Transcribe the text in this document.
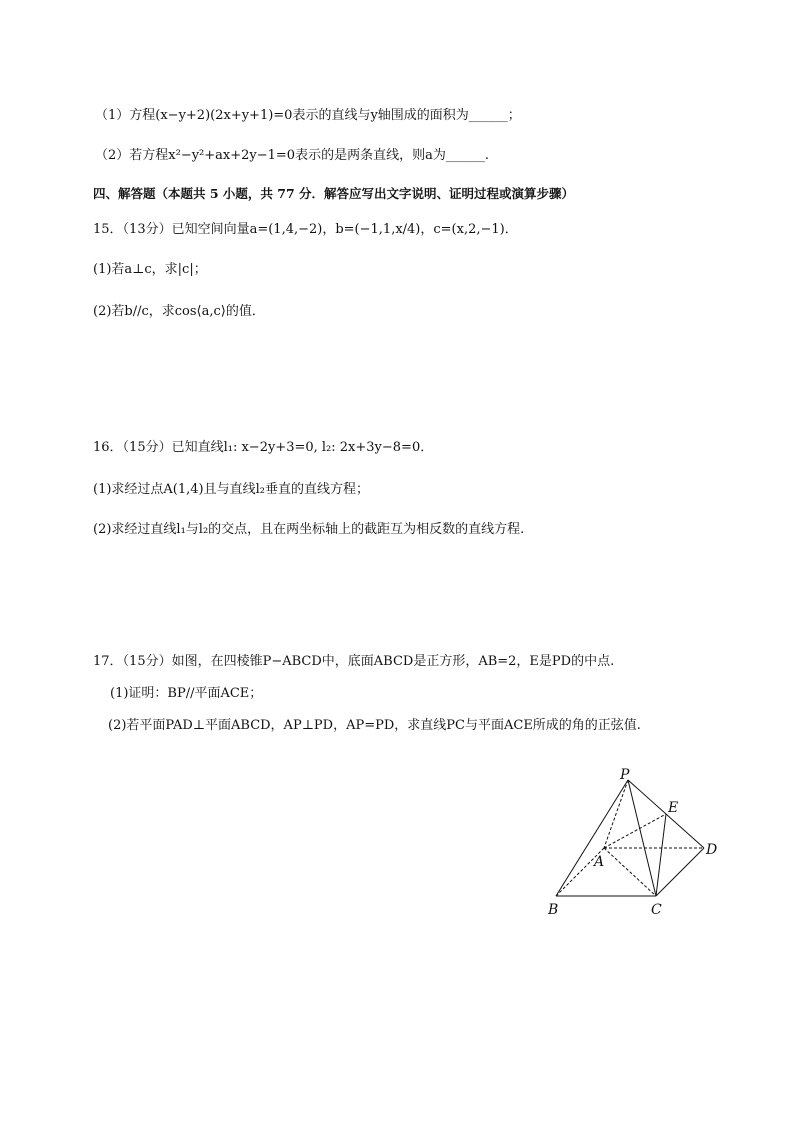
（1）方程(x−y+2)(2x+y+1)=0表示的直线与y轴围成的面积为______；
（2）若方程x²−y²+ax+2y−1=0表示的是两条直线，则a为______.
四、解答题（本题共 5 小题，共 77 分．解答应写出文字说明、证明过程或演算步骤）
15．（13分）已知空间向量a=(1,4,−2)，b=(−1,1,x/4)，c=(x,2,−1)．
(1)若a⊥c，求|c|；
(2)若b//c，求cos⟨a,c⟩的值．
16．（15分）已知直线l₁: x−2y+3=0, l₂: 2x+3y−8=0．
(1)求经过点A(1,4)且与直线l₂垂直的直线方程；
(2)求经过直线l₁与l₂的交点，且在两坐标轴上的截距互为相反数的直线方程.
17．（15分）如图，在四棱锥P−ABCD中，底面ABCD是正方形，AB=2，E是PD的中点.
(1)证明：BP//平面ACE；
(2)若平面PAD⊥平面ABCD，AP⊥PD，AP=PD，求直线PC与平面ACE所成的角的正弦值.
P
E
D
A
B	C
